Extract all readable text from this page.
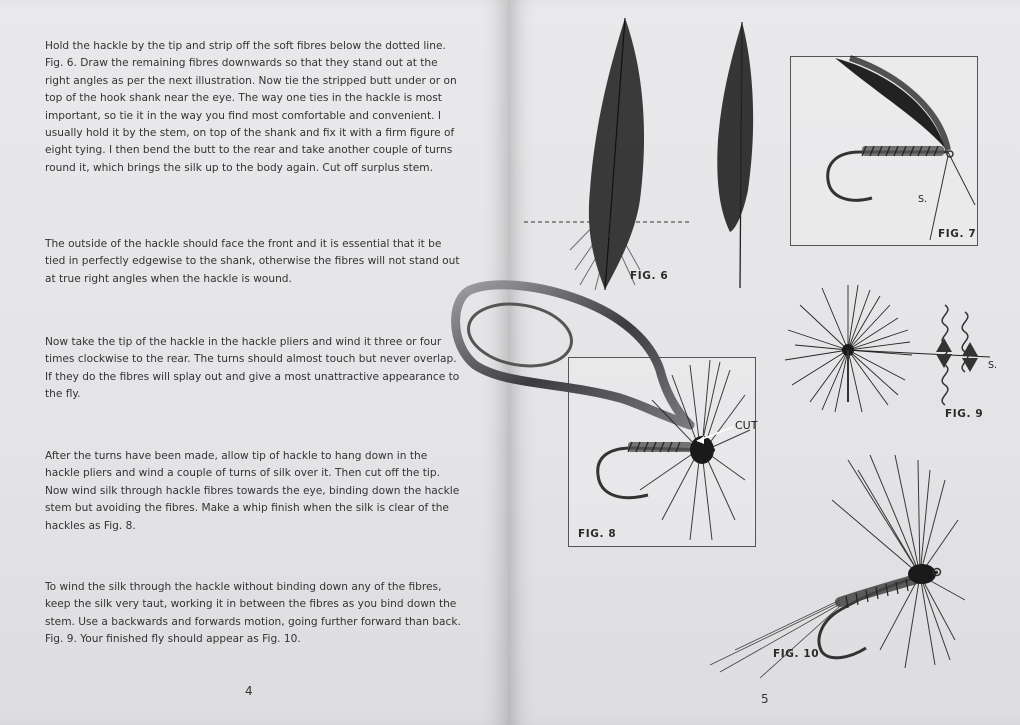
Hold the hackle by the tip and strip off the soft fibres below the dotted line. Fig. 6. Draw the remaining fibres downwards so that they stand out at the right angles as per the next illustration. Now tie the stripped butt under or on top of the hook shank near the eye. The way one ties in the hackle is most important, so tie it in the way you find most comfortable and convenient. I usually hold it by the stem, on top of the shank and fix it with a firm figure of eight tying. I then bend the butt to the rear and take another couple of turns round it, which brings the silk up to the body again. Cut off surplus stem.
The outside of the hackle should face the front and it is essential that it be tied in perfectly edgewise to the shank, otherwise the fibres will not stand out at true right angles when the hackle is wound.
Now take the tip of the hackle in the hackle pliers and wind it three or four times clockwise to the rear. The turns should almost touch but never overlap. If they do the fibres will splay out and give a most unattractive appearance to the fly.
After the turns have been made, allow tip of hackle to hang down in the hackle pliers and wind a couple of turns of silk over it. Then cut off the tip. Now wind silk through hackle fibres towards the eye, binding down the hackle stem but avoiding the fibres. Make a whip finish when the silk is clear of the hackles as Fig. 8.
To wind the silk through the hackle without binding down any of the fibres, keep the silk very taut, working it in between the fibres as you bind down the stem. Use a backwards and forwards motion, going further forward than back. Fig. 9. Your finished fly should appear as Fig. 10.
4
FIG. 6
FIG. 7
S.
FIG. 8
CUT
FIG. 9
S.
FIG. 10
5
